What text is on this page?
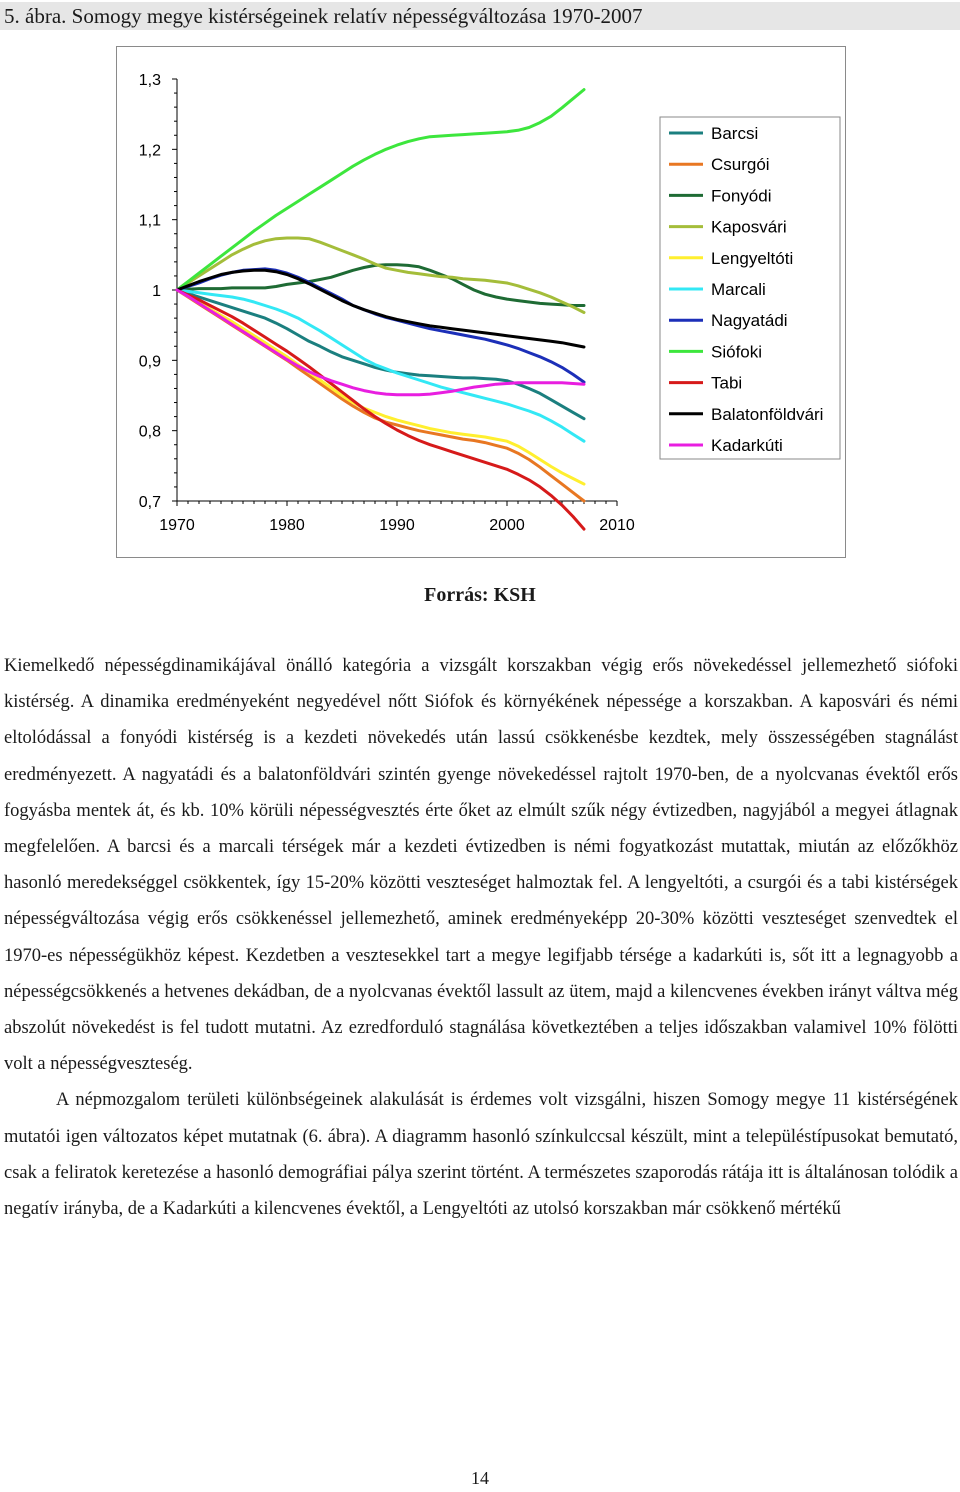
5. ábra. Somogy megye kistérségeinek relatív népességváltozása 1970-2007
0,7
0,8
0,9
1
1,1
1,2
1,3
1970	1980	1990	2000	2010
Barcsi
Csurgói
Fonyódi
Kaposvári
Lengyeltóti
Marcali
Nagyatádi
Siófoki
Tabi
Balatonföldvári
Kadarkúti
Forrás: KSH

Kiemelkedő népességdinamikájával önálló kategória a vizsgált korszakban végig erős növekedéssel jellemezhető siófoki kistérség. A dinamika eredményeként negyedével nőtt Siófok és környékének népessége a korszakban. A kaposvári és némi eltolódással a fonyódi kistérség is a kezdeti növekedés után lassú csökkenésbe kezdtek, mely összességében stagnálást eredményezett. A nagyatádi és a balatonföldvári szintén gyenge növekedéssel rajtolt 1970-ben, de a nyolcvanas évektől erős fogyásba mentek át, és kb. 10% körüli népességvesztés érte őket az elmúlt szűk négy évtizedben, nagyjából a megyei átlagnak megfelelően. A barcsi és a marcali térségek már a kezdeti évtizedben is némi fogyatkozást mutattak, miután az előzőkhöz hasonló meredekséggel csökkentek, így 15-20% közötti veszteséget halmoztak fel. A lengyeltóti, a csurgói és a tabi kistérségek népességváltozása végig erős csökkenéssel jellemezhető, aminek eredményeképp 20-30% közötti veszteséget szenvedtek el 1970-es népességükhöz képest. Kezdetben a vesztesekkel tart a megye legifjabb térsége a kadarkúti is, sőt itt a legnagyobb a népességcsökkenés a hetvenes dekádban, de a nyolcvanas évektől lassult az ütem, majd a kilencvenes években irányt váltva még abszolút növekedést is fel tudott mutatni. Az ezredforduló stagnálása következtében a teljes időszakban valamivel 10% fölötti volt a népességveszteség.

A népmozgalom területi különbségeinek alakulását is érdemes volt vizsgálni, hiszen Somogy megye 11 kistérségének mutatói igen változatos képet mutatnak (6. ábra). A diagramm hasonló színkulccsal készült, mint a településtípusokat bemutató, csak a feliratok keretezése a hasonló demográfiai pálya szerint történt. A természetes szaporodás rátája itt is általánosan tolódik a negatív irányba, de a Kadarkúti a kilencvenes évektől, a Lengyeltóti az utolsó korszakban már csökkenő mértékű

14
